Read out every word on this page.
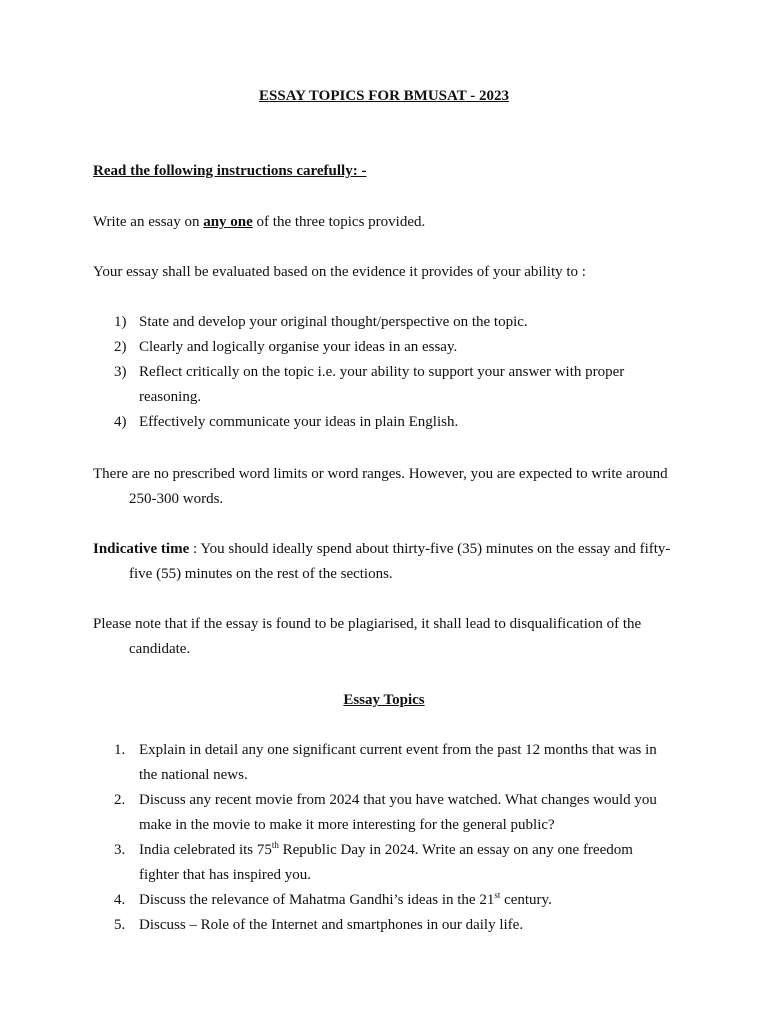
ESSAY TOPICS FOR BMUSAT - 2023
Read the following instructions carefully: -
Write an essay on any one of the three topics provided.
Your essay shall be evaluated based on the evidence it provides of your ability to :
1) State and develop your original thought/perspective on the topic.
2) Clearly and logically organise your ideas in an essay.
3) Reflect critically on the topic i.e. your ability to support your answer with proper reasoning.
4) Effectively communicate your ideas in plain English.
There are no prescribed word limits or word ranges. However, you are expected to write around 250-300 words.
Indicative time : You should ideally spend about thirty-five (35) minutes on the essay and fifty-five (55) minutes on the rest of the sections.
Please note that if the essay is found to be plagiarised, it shall lead to disqualification of the candidate.
Essay Topics
1. Explain in detail any one significant current event from the past 12 months that was in the national news.
2. Discuss any recent movie from 2024 that you have watched. What changes would you make in the movie to make it more interesting for the general public?
3. India celebrated its 75th Republic Day in 2024. Write an essay on any one freedom fighter that has inspired you.
4. Discuss the relevance of Mahatma Gandhi’s ideas in the 21st century.
5. Discuss – Role of the Internet and smartphones in our daily life.
